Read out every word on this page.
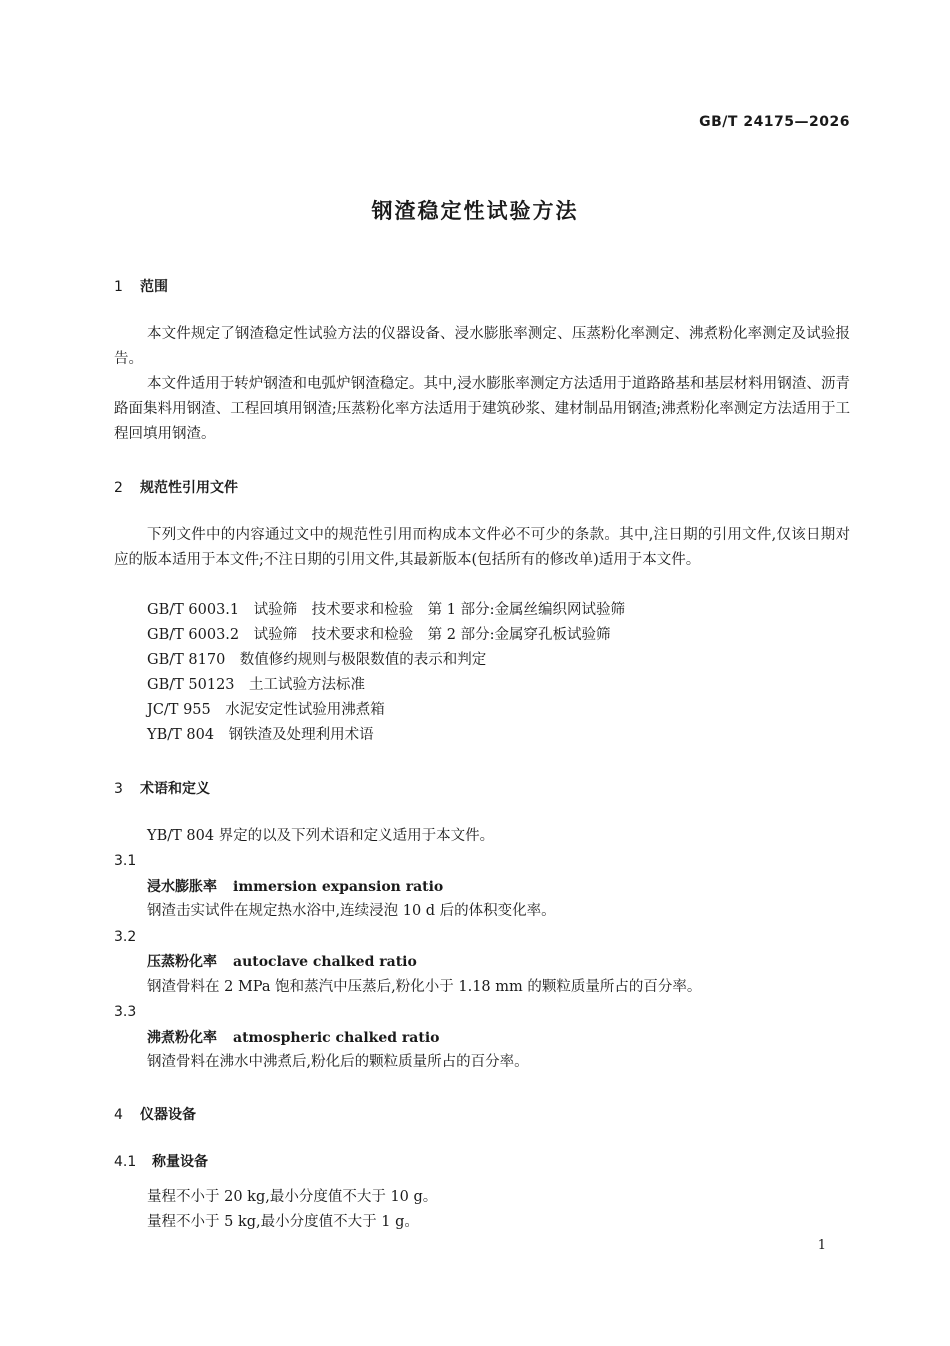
GB/T 24175—2026
钢渣稳定性试验方法
1 范围

本文件规定了钢渣稳定性试验方法的仪器设备、浸水膨胀率测定、压蒸粉化率测定、沸煮粉化率测定及试验报告。

本文件适用于转炉钢渣和电弧炉钢渣稳定。其中,浸水膨胀率测定方法适用于道路路基和基层材料用钢渣、沥青路面集料用钢渣、工程回填用钢渣;压蒸粉化率方法适用于建筑砂浆、建材制品用钢渣;沸煮粉化率测定方法适用于工程回填用钢渣。

2 规范性引用文件

下列文件中的内容通过文中的规范性引用而构成本文件必不可少的条款。其中,注日期的引用文件,仅该日期对应的版本适用于本文件;不注日期的引用文件,其最新版本(包括所有的修改单)适用于本文件。

GB/T 6003.1　试验筛　技术要求和检验　第 1 部分:金属丝编织网试验筛
GB/T 6003.2　试验筛　技术要求和检验　第 2 部分:金属穿孔板试验筛
GB/T 8170　数值修约规则与极限数值的表示和判定
GB/T 50123　土工试验方法标准
JC/T 955　水泥安定性试验用沸煮箱
YB/T 804　钢铁渣及处理利用术语
3 术语和定义
YB/T 804 界定的以及下列术语和定义适用于本文件。
3.1
浸水膨胀率 immersion expansion ratio
钢渣击实试件在规定热水浴中,连续浸泡 10 d 后的体积变化率。
3.2
压蒸粉化率 autoclave chalked ratio
钢渣骨料在 2 MPa 饱和蒸汽中压蒸后,粉化小于 1.18 mm 的颗粒质量所占的百分率。
3.3
沸煮粉化率 atmospheric chalked ratio
钢渣骨料在沸水中沸煮后,粉化后的颗粒质量所占的百分率。
4 仪器设备
4.1 称量设备
量程不小于 20 kg,最小分度值不大于 10 g。
量程不小于 5 kg,最小分度值不大于 1 g。
1
